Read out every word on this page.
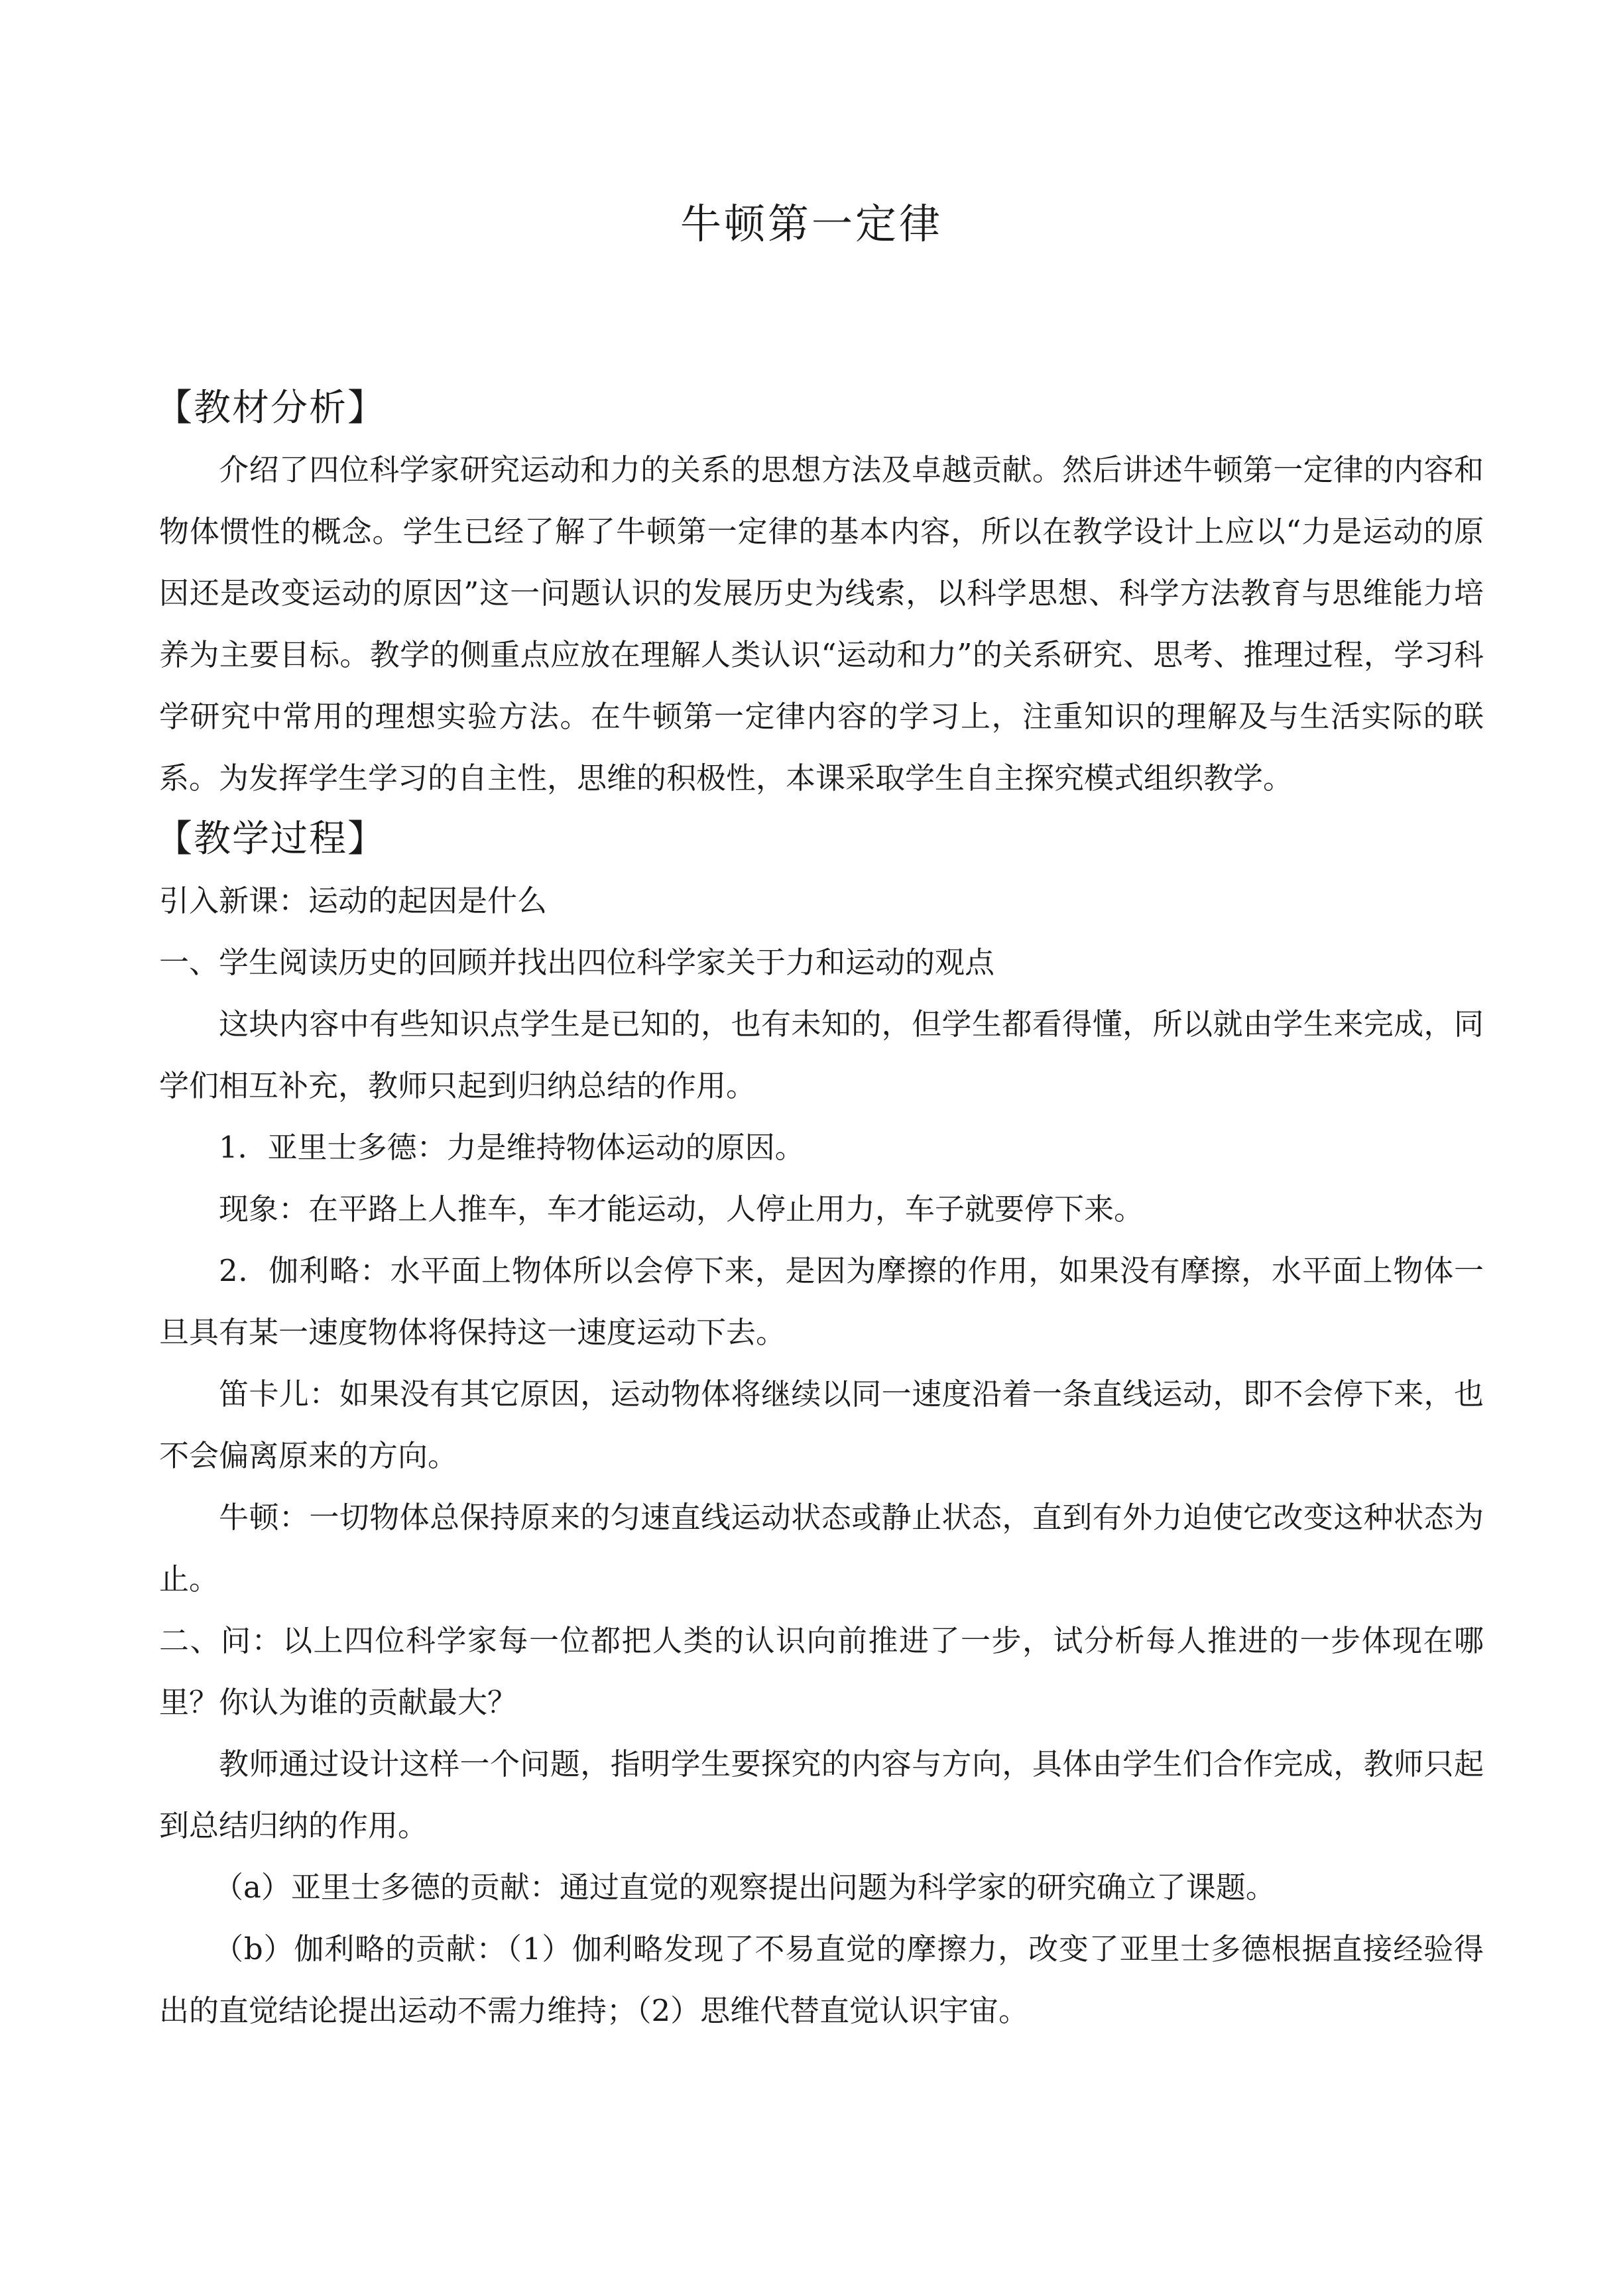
牛顿第一定律
【教材分析】

介绍了四位科学家研究运动和力的关系的思想方法及卓越贡献。然后讲述牛顿第一定律的内容和物体惯性的概念。学生已经了解了牛顿第一定律的基本内容，所以在教学设计上应以“力是运动的原因还是改变运动的原因”这一问题认识的发展历史为线索，以科学思想、科学方法教育与思维能力培养为主要目标。教学的侧重点应放在理解人类认识“运动和力”的关系研究、思考、推理过程，学习科学研究中常用的理想实验方法。在牛顿第一定律内容的学习上，注重知识的理解及与生活实际的联系。为发挥学生学习的自主性，思维的积极性，本课采取学生自主探究模式组织教学。

【教学过程】

引入新课：运动的起因是什么

一、学生阅读历史的回顾并找出四位科学家关于力和运动的观点

这块内容中有些知识点学生是已知的，也有未知的，但学生都看得懂，所以就由学生来完成，同学们相互补充，教师只起到归纳总结的作用。

1．亚里士多德：力是维持物体运动的原因。

现象：在平路上人推车，车才能运动，人停止用力，车子就要停下来。

2．伽利略：水平面上物体所以会停下来，是因为摩擦的作用，如果没有摩擦，水平面上物体一旦具有某一速度物体将保持这一速度运动下去。

笛卡儿：如果没有其它原因，运动物体将继续以同一速度沿着一条直线运动，即不会停下来，也不会偏离原来的方向。

牛顿：一切物体总保持原来的匀速直线运动状态或静止状态，直到有外力迫使它改变这种状态为止。

二、问：以上四位科学家每一位都把人类的认识向前推进了一步，试分析每人推进的一步体现在哪里？你认为谁的贡献最大？

教师通过设计这样一个问题，指明学生要探究的内容与方向，具体由学生们合作完成，教师只起到总结归纳的作用。

（a）亚里士多德的贡献：通过直觉的观察提出问题为科学家的研究确立了课题。

（b）伽利略的贡献：（1）伽利略发现了不易直觉的摩擦力，改变了亚里士多德根据直接经验得出的直觉结论提出运动不需力维持；（2）思维代替直觉认识宇宙。
